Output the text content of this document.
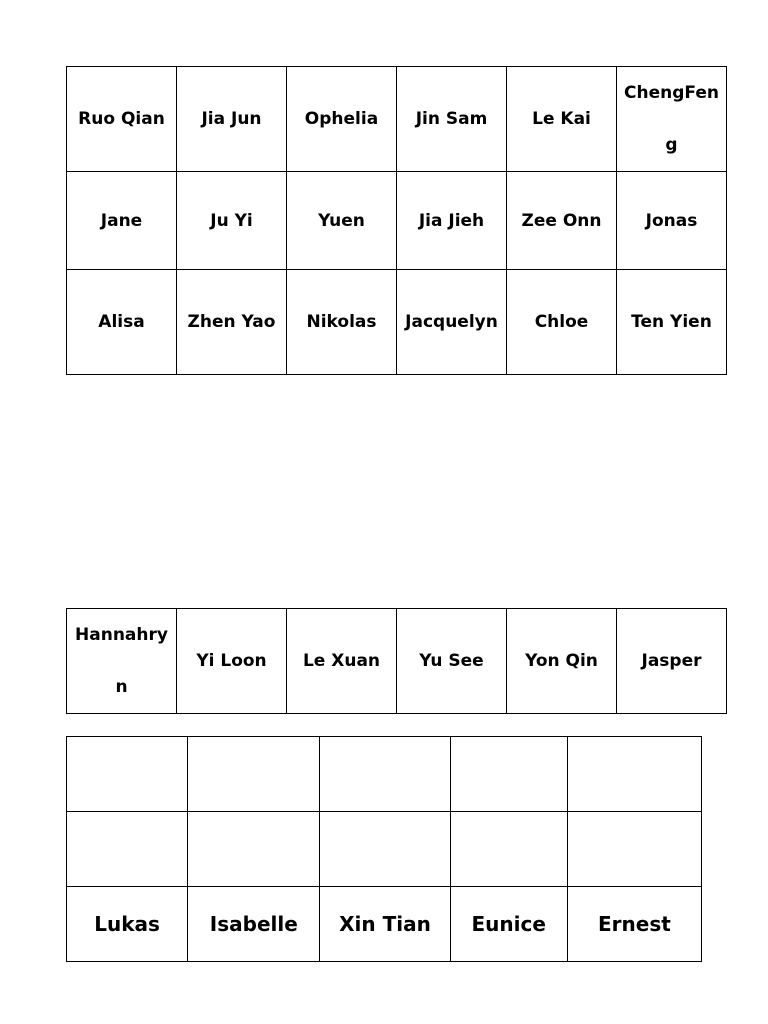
Ruo Qian	Jia Jun	Ophelia	Jin Sam	Le Kai	ChengFeng
Jane	Ju Yi	Yuen	Jia Jieh	Zee Onn	Jonas
Alisa	Zhen Yao	Nikolas	Jacquelyn	Chloe	Ten Yien
Hannahryn	Yi Loon	Le Xuan	Yu See	Yon Qin	Jasper

Lukas	Isabelle	Xin Tian	Eunice	Ernest
